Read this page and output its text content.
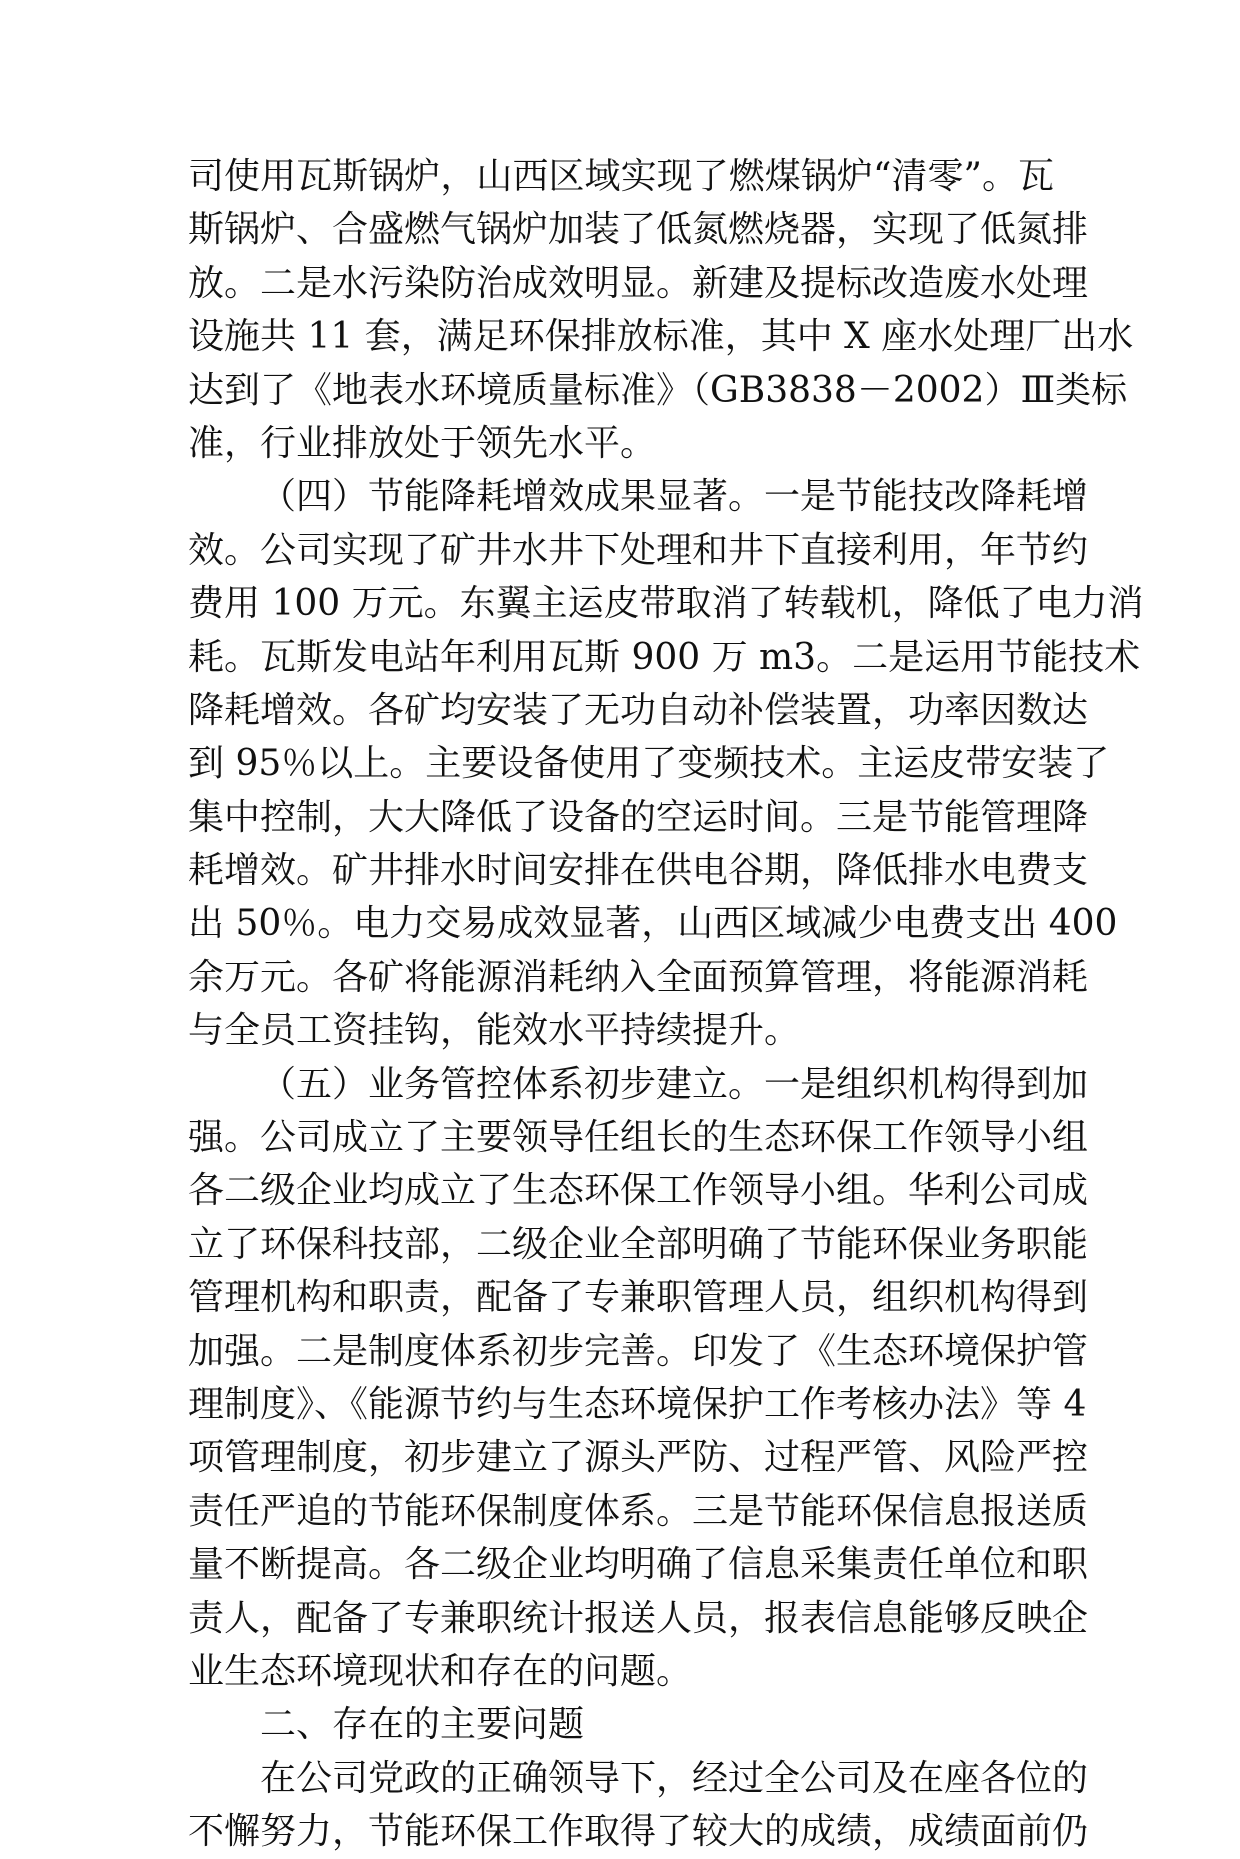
司使用瓦斯锅炉，山西区域实现了燃煤锅炉“清零”。瓦
斯锅炉、合盛燃气锅炉加装了低氮燃烧器，实现了低氮排
放。二是水污染防治成效明显。新建及提标改造废水处理
设施共 11 套，满足环保排放标准，其中 X 座水处理厂出水
达到了《地表水环境质量标准》（GB3838－2002）Ⅲ类标
准，行业排放处于领先水平。
（四）节能降耗增效成果显著。一是节能技改降耗增
效。公司实现了矿井水井下处理和井下直接利用，年节约
费用 100 万元。东翼主运皮带取消了转载机，降低了电力消
耗。瓦斯发电站年利用瓦斯 900 万 m3。二是运用节能技术
降耗增效。各矿均安装了无功自动补偿装置，功率因数达
到 95％以上。主要设备使用了变频技术。主运皮带安装了
集中控制，大大降低了设备的空运时间。三是节能管理降
耗增效。矿井排水时间安排在供电谷期，降低排水电费支
出 50％。电力交易成效显著，山西区域减少电费支出 400
余万元。各矿将能源消耗纳入全面预算管理，将能源消耗
与全员工资挂钩，能效水平持续提升。
（五）业务管控体系初步建立。一是组织机构得到加
强。公司成立了主要领导任组长的生态环保工作领导小组
各二级企业均成立了生态环保工作领导小组。华利公司成
立了环保科技部，二级企业全部明确了节能环保业务职能
管理机构和职责，配备了专兼职管理人员，组织机构得到
加强。二是制度体系初步完善。印发了《生态环境保护管
理制度》、《能源节约与生态环境保护工作考核办法》等 4
项管理制度，初步建立了源头严防、过程严管、风险严控
责任严追的节能环保制度体系。三是节能环保信息报送质
量不断提高。各二级企业均明确了信息采集责任单位和职
责人，配备了专兼职统计报送人员，报表信息能够反映企
业生态环境现状和存在的问题。
二、存在的主要问题
在公司党政的正确领导下，经过全公司及在座各位的
不懈努力，节能环保工作取得了较大的成绩，成绩面前仍
